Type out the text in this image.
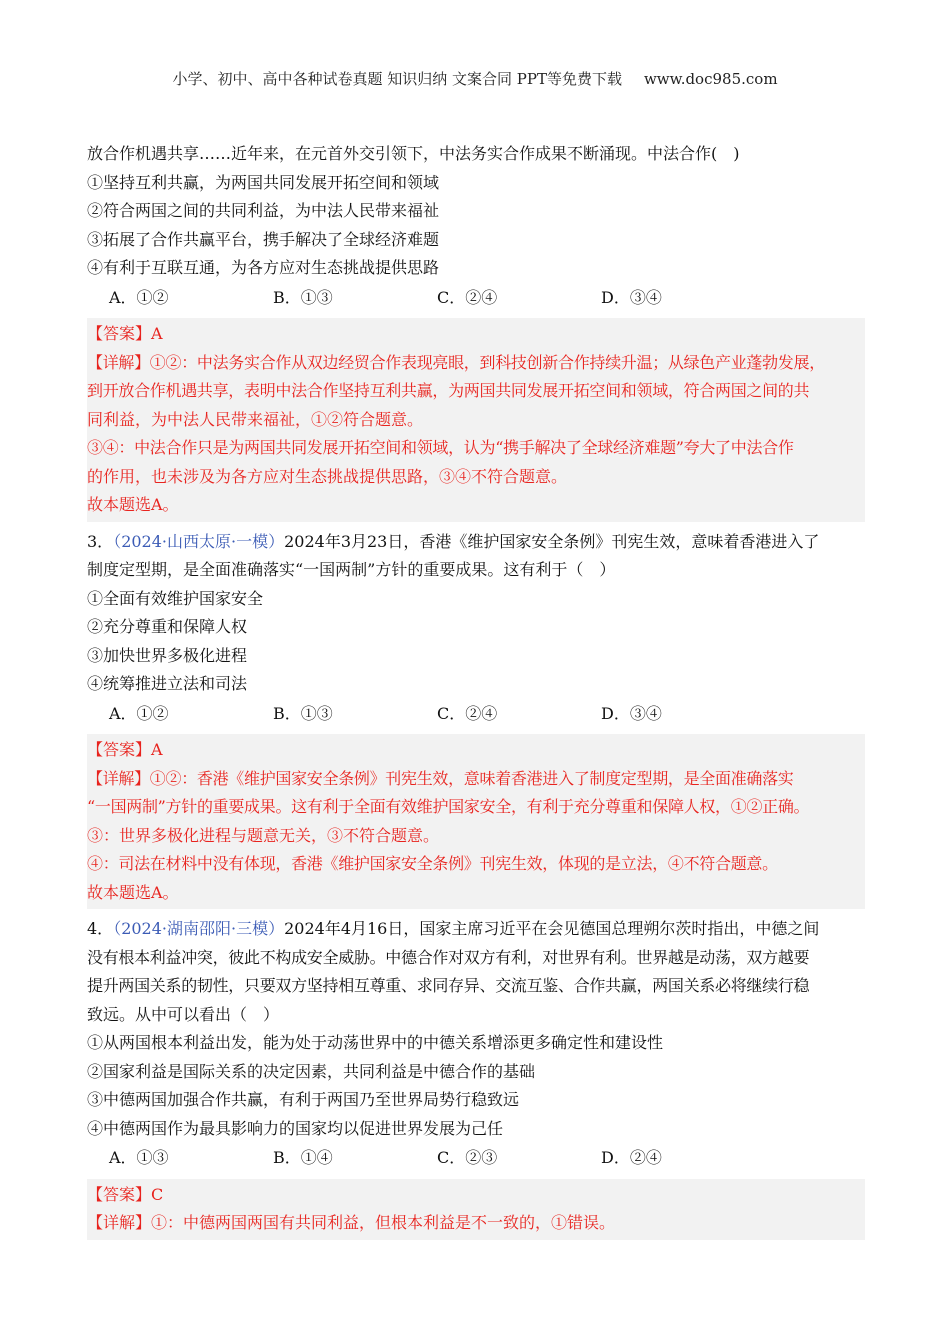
小学、初中、高中各种试卷真题 知识归纳 文案合同 PPT等免费下载 www.doc985.com
放合作机遇共享……近年来，在元首外交引领下，中法务实合作成果不断涌现。中法合作(　)
①坚持互利共赢，为两国共同发展开拓空间和领域
②符合两国之间的共同利益，为中法人民带来福祉
③拓展了合作共赢平台，携手解决了全球经济难题
④有利于互联互通，为各方应对生态挑战提供思路
A．①②	B．①③	C．②④	D．③④
【答案】A
【详解】①②：中法务实合作从双边经贸合作表现亮眼，到科技创新合作持续升温；从绿色产业蓬勃发展，
到开放合作机遇共享，表明中法合作坚持互利共赢，为两国共同发展开拓空间和领域，符合两国之间的共
同利益，为中法人民带来福祉，①②符合题意。
③④：中法合作只是为两国共同发展开拓空间和领域，认为“携手解决了全球经济难题”夸大了中法合作
的作用，也未涉及为各方应对生态挑战提供思路，③④不符合题意。
故本题选A。
3．（2024·山西太原·一模）2024年3月23日，香港《维护国家安全条例》刊宪生效，意味着香港进入了
制度定型期，是全面准确落实“一国两制”方针的重要成果。这有利于（　）
①全面有效维护国家安全
②充分尊重和保障人权
③加快世界多极化进程
④统筹推进立法和司法
A．①②	B．①③	C．②④	D．③④
【答案】A
【详解】①②：香港《维护国家安全条例》刊宪生效，意味着香港进入了制度定型期，是全面准确落实
“一国两制”方针的重要成果。这有利于全面有效维护国家安全，有利于充分尊重和保障人权，①②正确。
③：世界多极化进程与题意无关，③不符合题意。
④：司法在材料中没有体现，香港《维护国家安全条例》刊宪生效，体现的是立法，④不符合题意。
故本题选A。
4．（2024·湖南邵阳·三模）2024年4月16日，国家主席习近平在会见德国总理朔尔茨时指出，中德之间
没有根本利益冲突，彼此不构成安全威胁。中德合作对双方有利，对世界有利。世界越是动荡，双方越要
提升两国关系的韧性，只要双方坚持相互尊重、求同存异、交流互鉴、合作共赢，两国关系必将继续行稳
致远。从中可以看出（　）
①从两国根本利益出发，能为处于动荡世界中的中德关系增添更多确定性和建设性
②国家利益是国际关系的决定因素，共同利益是中德合作的基础
③中德两国加强合作共赢，有利于两国乃至世界局势行稳致远
④中德两国作为最具影响力的国家均以促进世界发展为己任
A．①③	B．①④	C．②③	D．②④
【答案】C
【详解】①：中德两国两国有共同利益，但根本利益是不一致的，①错误。
